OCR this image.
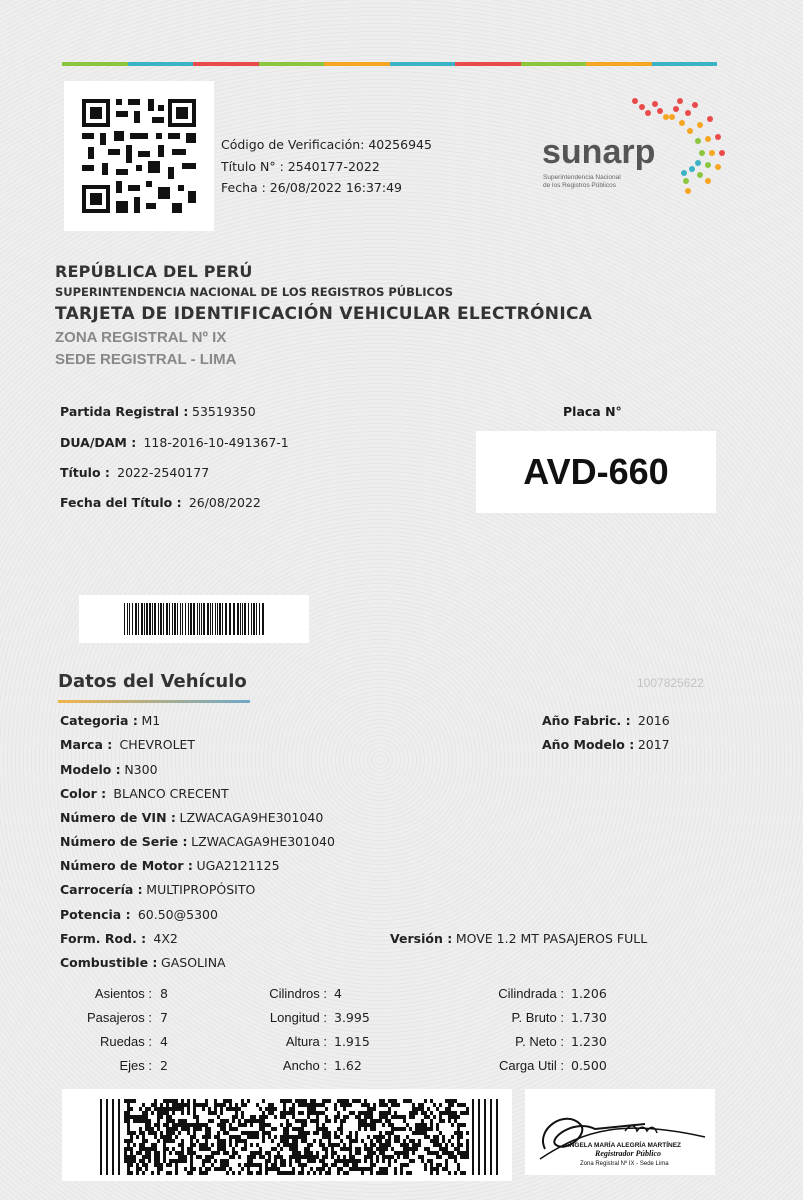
Código de Verificación: 40256945
Título N° : 2540177-2022
Fecha : 26/08/2022 16:37:49
sunarp
Superintendencia Nacional
de los Registros Públicos
REPÚBLICA DEL PERÚ
SUPERINTENDENCIA NACIONAL DE LOS REGISTROS PÚBLICOS
TARJETA DE IDENTIFICACIÓN VEHICULAR ELECTRÓNICA
ZONA REGISTRAL Nº IX
SEDE REGISTRAL - LIMA
Partida Registral : 53519350
DUA/DAM : 118-2016-10-491367-1
Título : 2022-2540177
Fecha del Título : 26/08/2022
Placa N°
AVD-660
Datos del Vehículo	1007825622
Categoria : M1
Marca : CHEVROLET
Modelo : N300
Color : BLANCO CRECENT
Número de VIN : LZWACAGA9HE301040
Número de Serie : LZWACAGA9HE301040
Número de Motor : UGA2121125
Carrocería : MULTIPROPÓSITO
Potencia : 60.50@5300
Form. Rod. : 4X2
Combustible : GASOLINA
Año Fabric. : 2016
Año Modelo : 2017
Versión : MOVE 1.2 MT PASAJEROS FULL
Asientos : 8
Pasajeros : 7
Ruedas : 4
Ejes : 2
Cilindros : 4
Longitud : 3.995
Altura : 1.915
Ancho : 1.62
Cilindrada : 1.206
P. Bruto : 1.730
P. Neto : 1.230
Carga Util : 0.500
ANGELA MARÍA ALEGRÍA MARTÍNEZ
Registrador Público
Zona Registral Nº IX - Sede Lima
